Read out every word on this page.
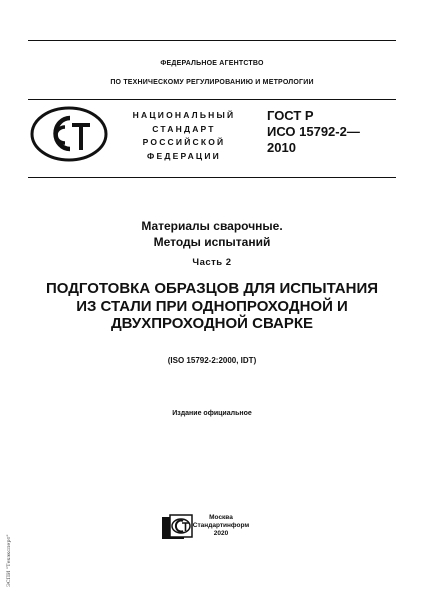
ФЕДЕРАЛЬНОЕ АГЕНТСТВО
ПО ТЕХНИЧЕСКОМУ РЕГУЛИРОВАНИЮ И МЕТРОЛОГИИ
НАЦИОНАЛЬНЫЙ
СТАНДАРТ
РОССИЙСКОЙ
ФЕДЕРАЦИИ
ГОСТ Р
ИСО 15792-2—
2010
Материалы сварочные.
Методы испытаний
Часть 2
ПОДГОТОВКА ОБРАЗЦОВ ДЛЯ ИСПЫТАНИЯ
ИЗ СТАЛИ ПРИ ОДНОПРОХОДНОЙ И
ДВУХПРОХОДНОЙ СВАРКЕ
(ISO 15792-2:2000, IDT)
Издание официальное
Москва
Стандартинформ
2020
ЭСПИ "Техэксперт"
